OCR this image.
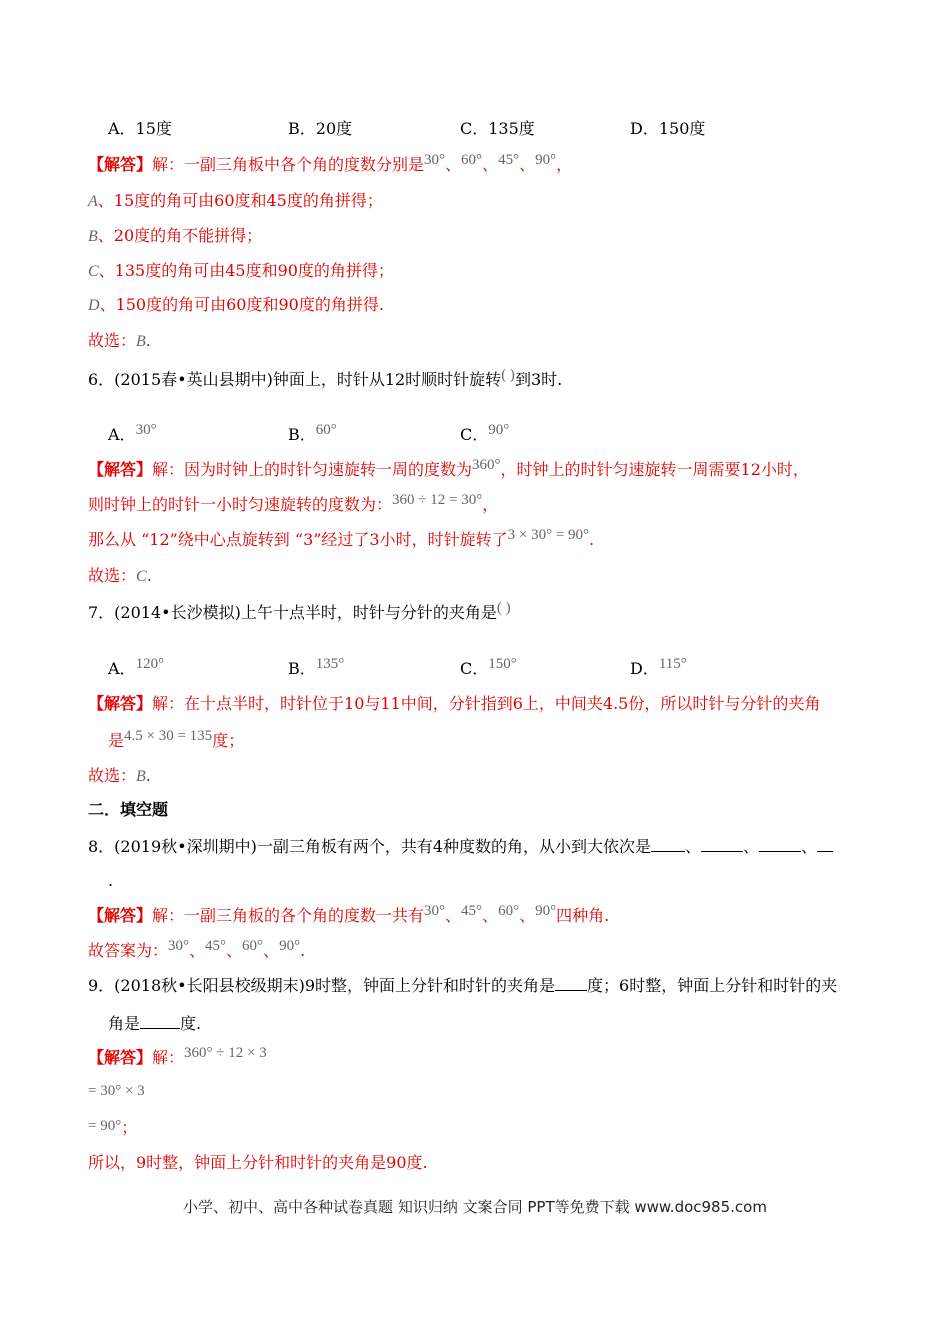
A．15度	B．20度	C．135度	D．150度
【解答】解：一副三角板中各个角的度数分别是30°、60°、45°、90°，
A、15度的角可由60度和45度的角拼得；
B、20度的角不能拼得；
C、135度的角可由45度和90度的角拼得；
D、150度的角可由60度和90度的角拼得.
故选：B.
6．(2015春•英山县期中)钟面上，时针从12时顺时针旋转( )到3时.
A．30°	B．60°	C．90°
【解答】解：因为时钟上的时针匀速旋转一周的度数为360°，时钟上的时针匀速旋转一周需要12小时，
则时钟上的时针一小时匀速旋转的度数为：360 ÷ 12 = 30°，
那么从 “12”绕中心点旋转到 “3”经过了3小时，时针旋转了3 × 30° = 90°.
故选：C.
7．(2014•长沙模拟)上午十点半时，时针与分针的夹角是( )
A．120°	B．135°	C．150°	D．115°
【解答】解：在十点半时，时针位于10与11中间，分针指到6上，中间夹4.5份，所以时针与分针的夹角
是4.5 × 30 = 135度；
故选：B.
二．填空题
8．(2019秋•深圳期中)一副三角板有两个，共有4种度数的角，从小到大依次是 、	、	、
.
【解答】解：一副三角板的各个角的度数一共有30°、45°、60°、90°四种角.
故答案为：30°、45°、60°、90°.
9．(2018秋•长阳县校级期末)9时整，钟面上分针和时针的夹角是 度；6时整，钟面上分针和时针的夹
角是	度.
【解答】解：360° ÷ 12 × 3
= 30° × 3
= 90°；
所以，9时整，钟面上分针和时针的夹角是90度.
小学、初中、高中各种试卷真题 知识归纳 文案合同 PPT等免费下载 www.doc985.com
